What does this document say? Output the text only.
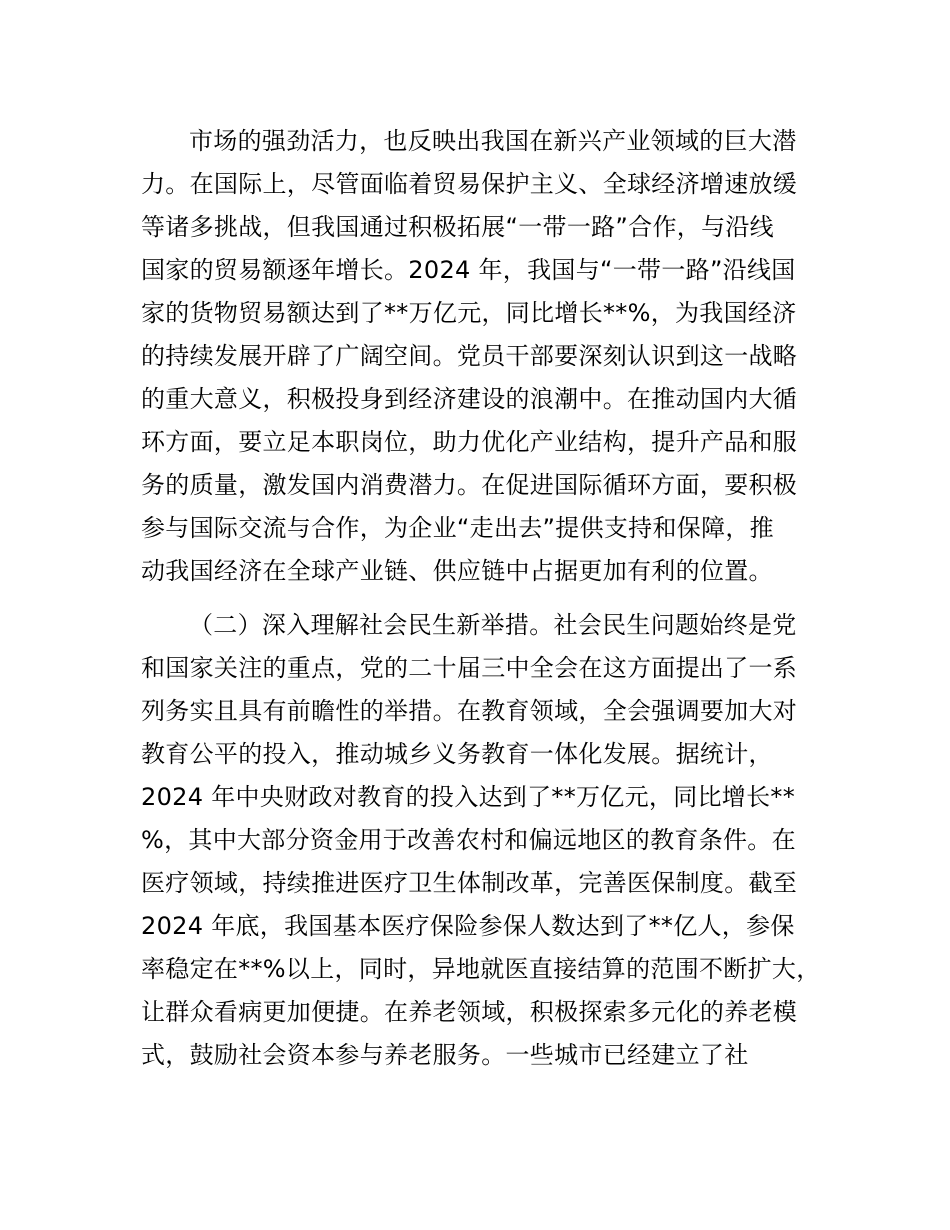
市场的强劲活力，也反映出我国在新兴产业领域的巨大潜
力。在国际上，尽管面临着贸易保护主义、全球经济增速放缓
等诸多挑战，但我国通过积极拓展“一带一路”合作，与沿线
国家的贸易额逐年增长。2024 年，我国与“一带一路”沿线国
家的货物贸易额达到了**万亿元，同比增长**%，为我国经济
的持续发展开辟了广阔空间。党员干部要深刻认识到这一战略
的重大意义，积极投身到经济建设的浪潮中。在推动国内大循
环方面，要立足本职岗位，助力优化产业结构，提升产品和服
务的质量，激发国内消费潜力。在促进国际循环方面，要积极
参与国际交流与合作，为企业“走出去”提供支持和保障，推
动我国经济在全球产业链、供应链中占据更加有利的位置。
（二）深入理解社会民生新举措。社会民生问题始终是党
和国家关注的重点，党的二十届三中全会在这方面提出了一系
列务实且具有前瞻性的举措。在教育领域，全会强调要加大对
教育公平的投入，推动城乡义务教育一体化发展。据统计，
2024 年中央财政对教育的投入达到了**万亿元，同比增长**
%，其中大部分资金用于改善农村和偏远地区的教育条件。在
医疗领域，持续推进医疗卫生体制改革，完善医保制度。截至
2024 年底，我国基本医疗保险参保人数达到了**亿人，参保
率稳定在**%以上，同时，异地就医直接结算的范围不断扩大，
让群众看病更加便捷。在养老领域，积极探索多元化的养老模
式，鼓励社会资本参与养老服务。一些城市已经建立了社
